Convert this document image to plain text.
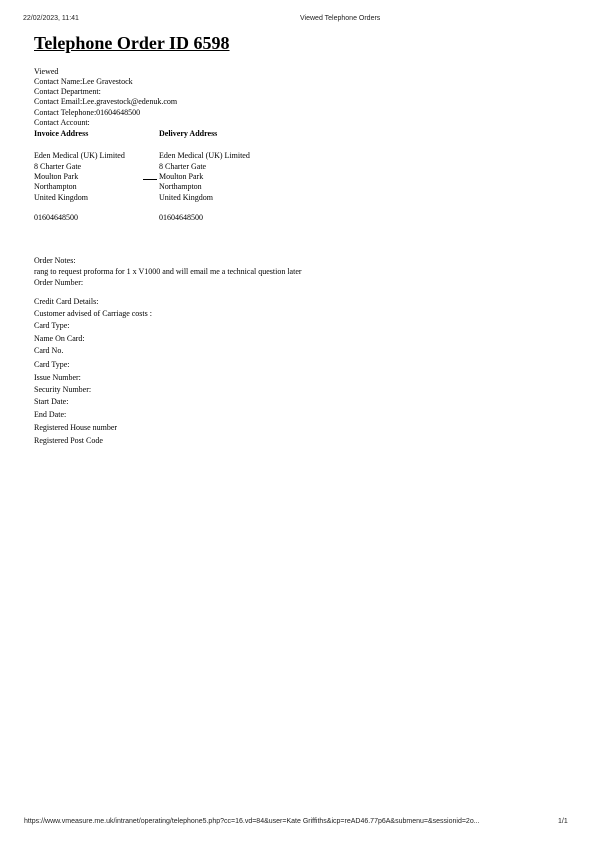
22/02/2023, 11:41	Viewed Telephone Orders
Telephone Order ID 6598
Viewed
Contact Name:Lee Gravestock
Contact Department:
Contact Email:Lee.gravestock@edenuk.com
Contact Telephone:01604648500
Contact Account:
Invoice Address
Eden Medical (UK) Limited
8 Charter Gate
Moulton Park
Northampton
United Kingdom
01604648500
Delivery Address
Eden Medical (UK) Limited
8 Charter Gate
Moulton Park
Northampton
United Kingdom
01604648500
Order Notes:
rang to request proforma for 1 x V1000 and will email me a technical question later
Order Number:
Credit Card Details:
Customer advised of Carriage costs :
Card Type:
Name On Card:
Card No.
Card Type:
Issue Number:
Security Number:
Start Date:
End Date:
Registered House number
Registered Post Code
https://www.vmeasure.me.uk/intranet/operating/telephone5.php?cc=16.vd=84&user=Kate Griffiths&icp=reAD46.77p6A&submenu=&sessionid=2o...	1/1
